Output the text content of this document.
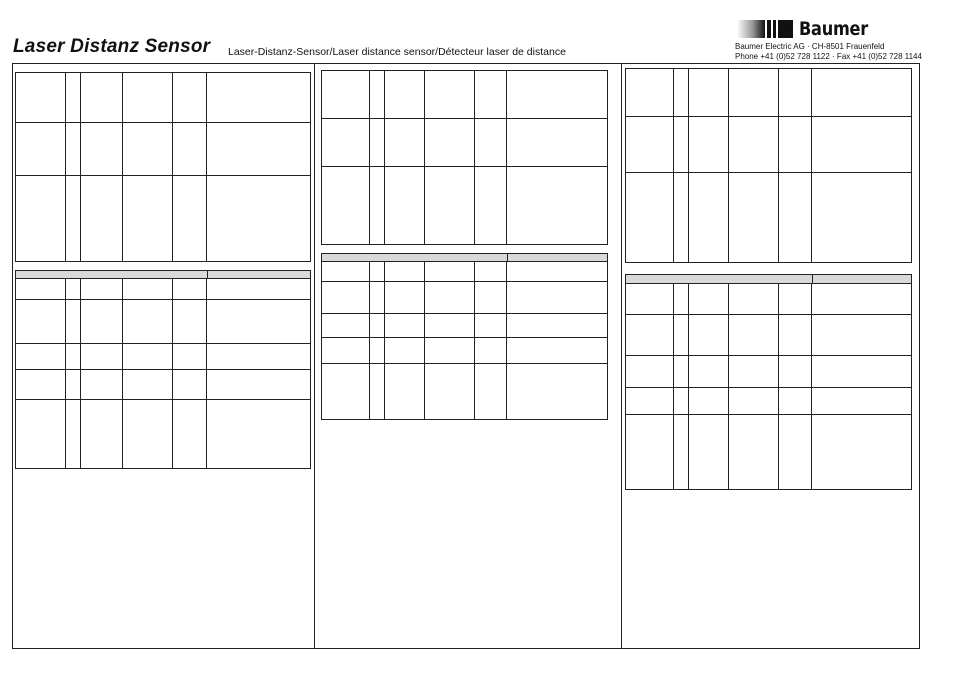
Laser Distanz Sensor Laser-Distanz-Sensor/Laser distance sensor/Détecteur laser de distance
Baumer
Baumer Electric AG · CH-8501 Frauenfeld
Phone +41 (0)52 728 1122 · Fax +41 (0)52 728 1144
